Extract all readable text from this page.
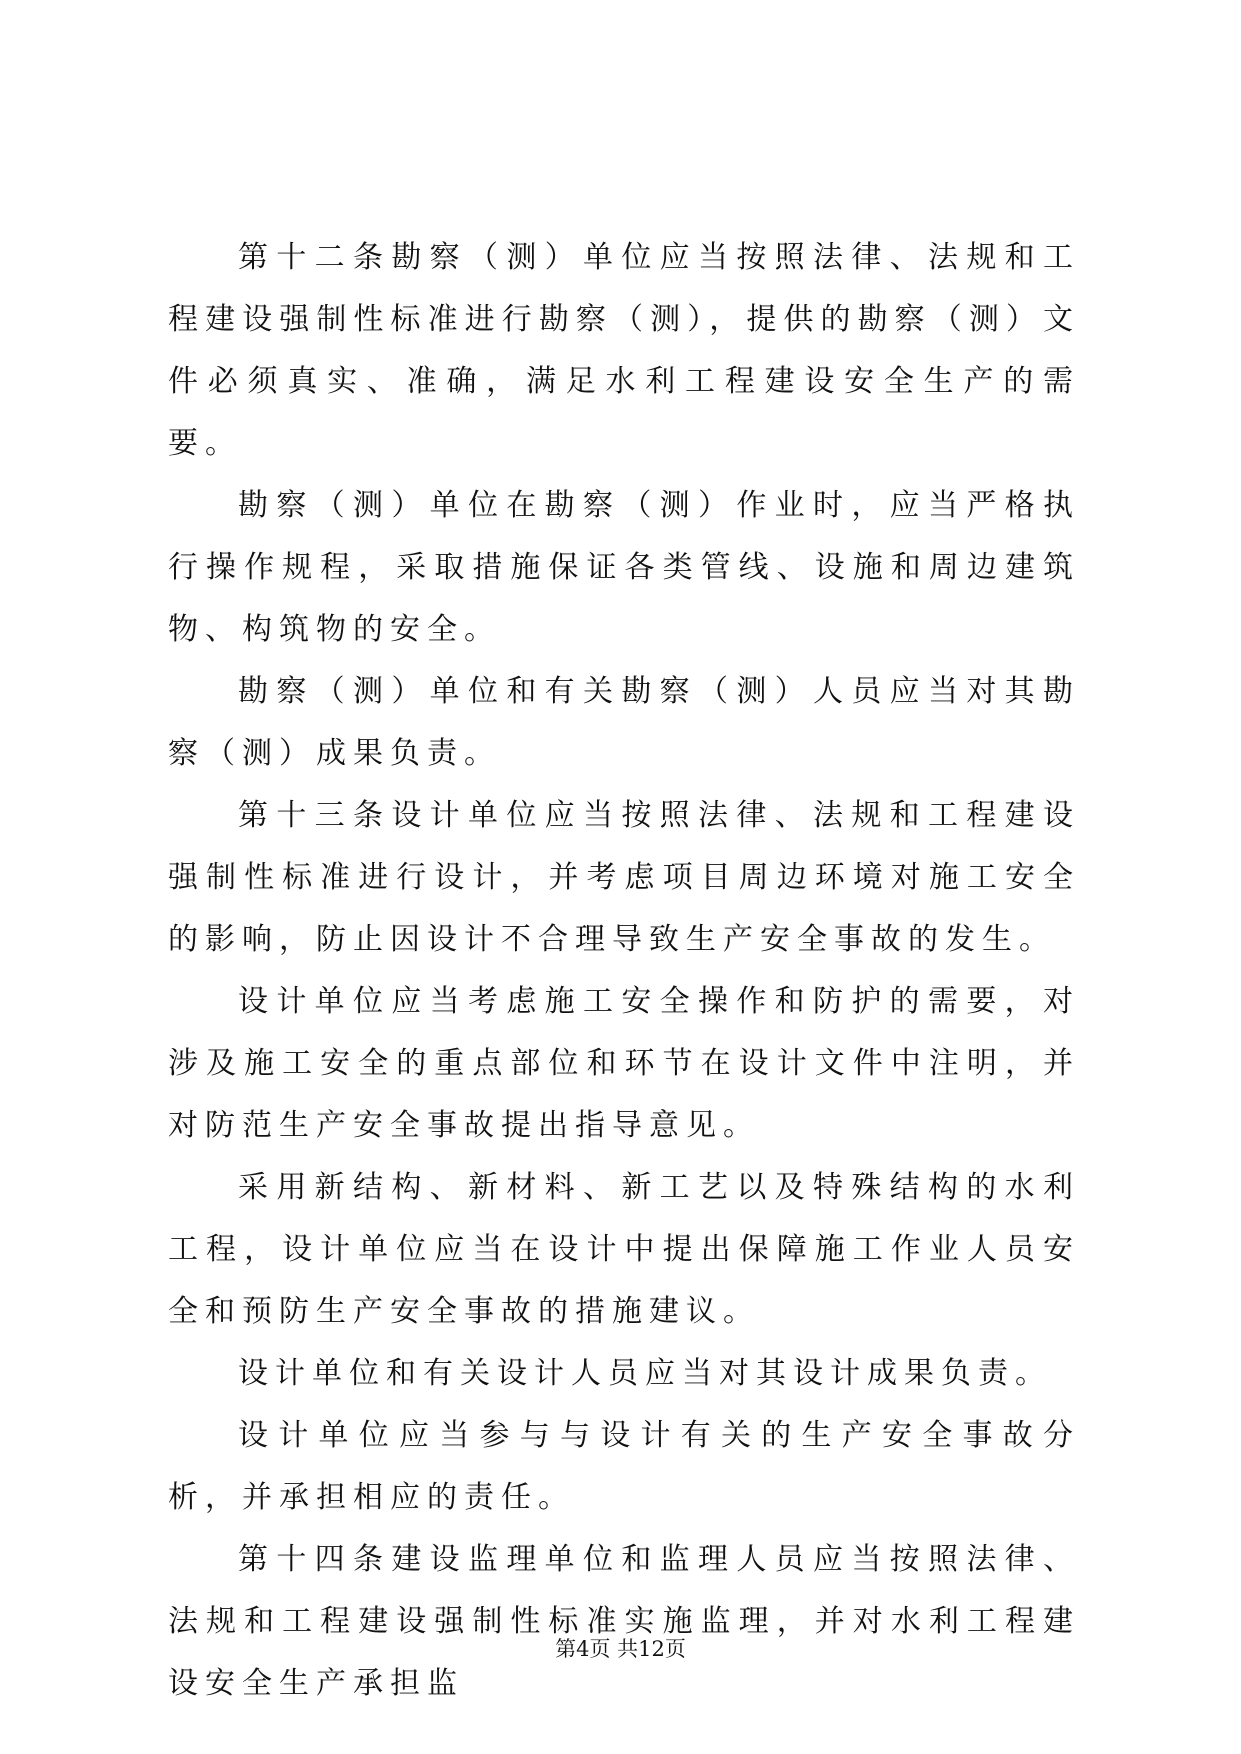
第十二条勘察（测）单位应当按照法律、法规和工程建设强制性标准进行勘察（测），提供的勘察（测）文件必须真实、准确，满足水利工程建设安全生产的需要。

勘察（测）单位在勘察（测）作业时，应当严格执行操作规程，采取措施保证各类管线、设施和周边建筑物、构筑物的安全。

勘察（测）单位和有关勘察（测）人员应当对其勘察（测）成果负责。

第十三条设计单位应当按照法律、法规和工程建设强制性标准进行设计，并考虑项目周边环境对施工安全的影响，防止因设计不合理导致生产安全事故的发生。

设计单位应当考虑施工安全操作和防护的需要，对涉及施工安全的重点部位和环节在设计文件中注明，并对防范生产安全事故提出指导意见。

采用新结构、新材料、新工艺以及特殊结构的水利工程，设计单位应当在设计中提出保障施工作业人员安全和预防生产安全事故的措施建议。

设计单位和有关设计人员应当对其设计成果负责。

设计单位应当参与与设计有关的生产安全事故分析，并承担相应的责任。

第十四条建设监理单位和监理人员应当按照法律、法规和工程建设强制性标准实施监理，并对水利工程建设安全生产承担监

第4页 共12页
